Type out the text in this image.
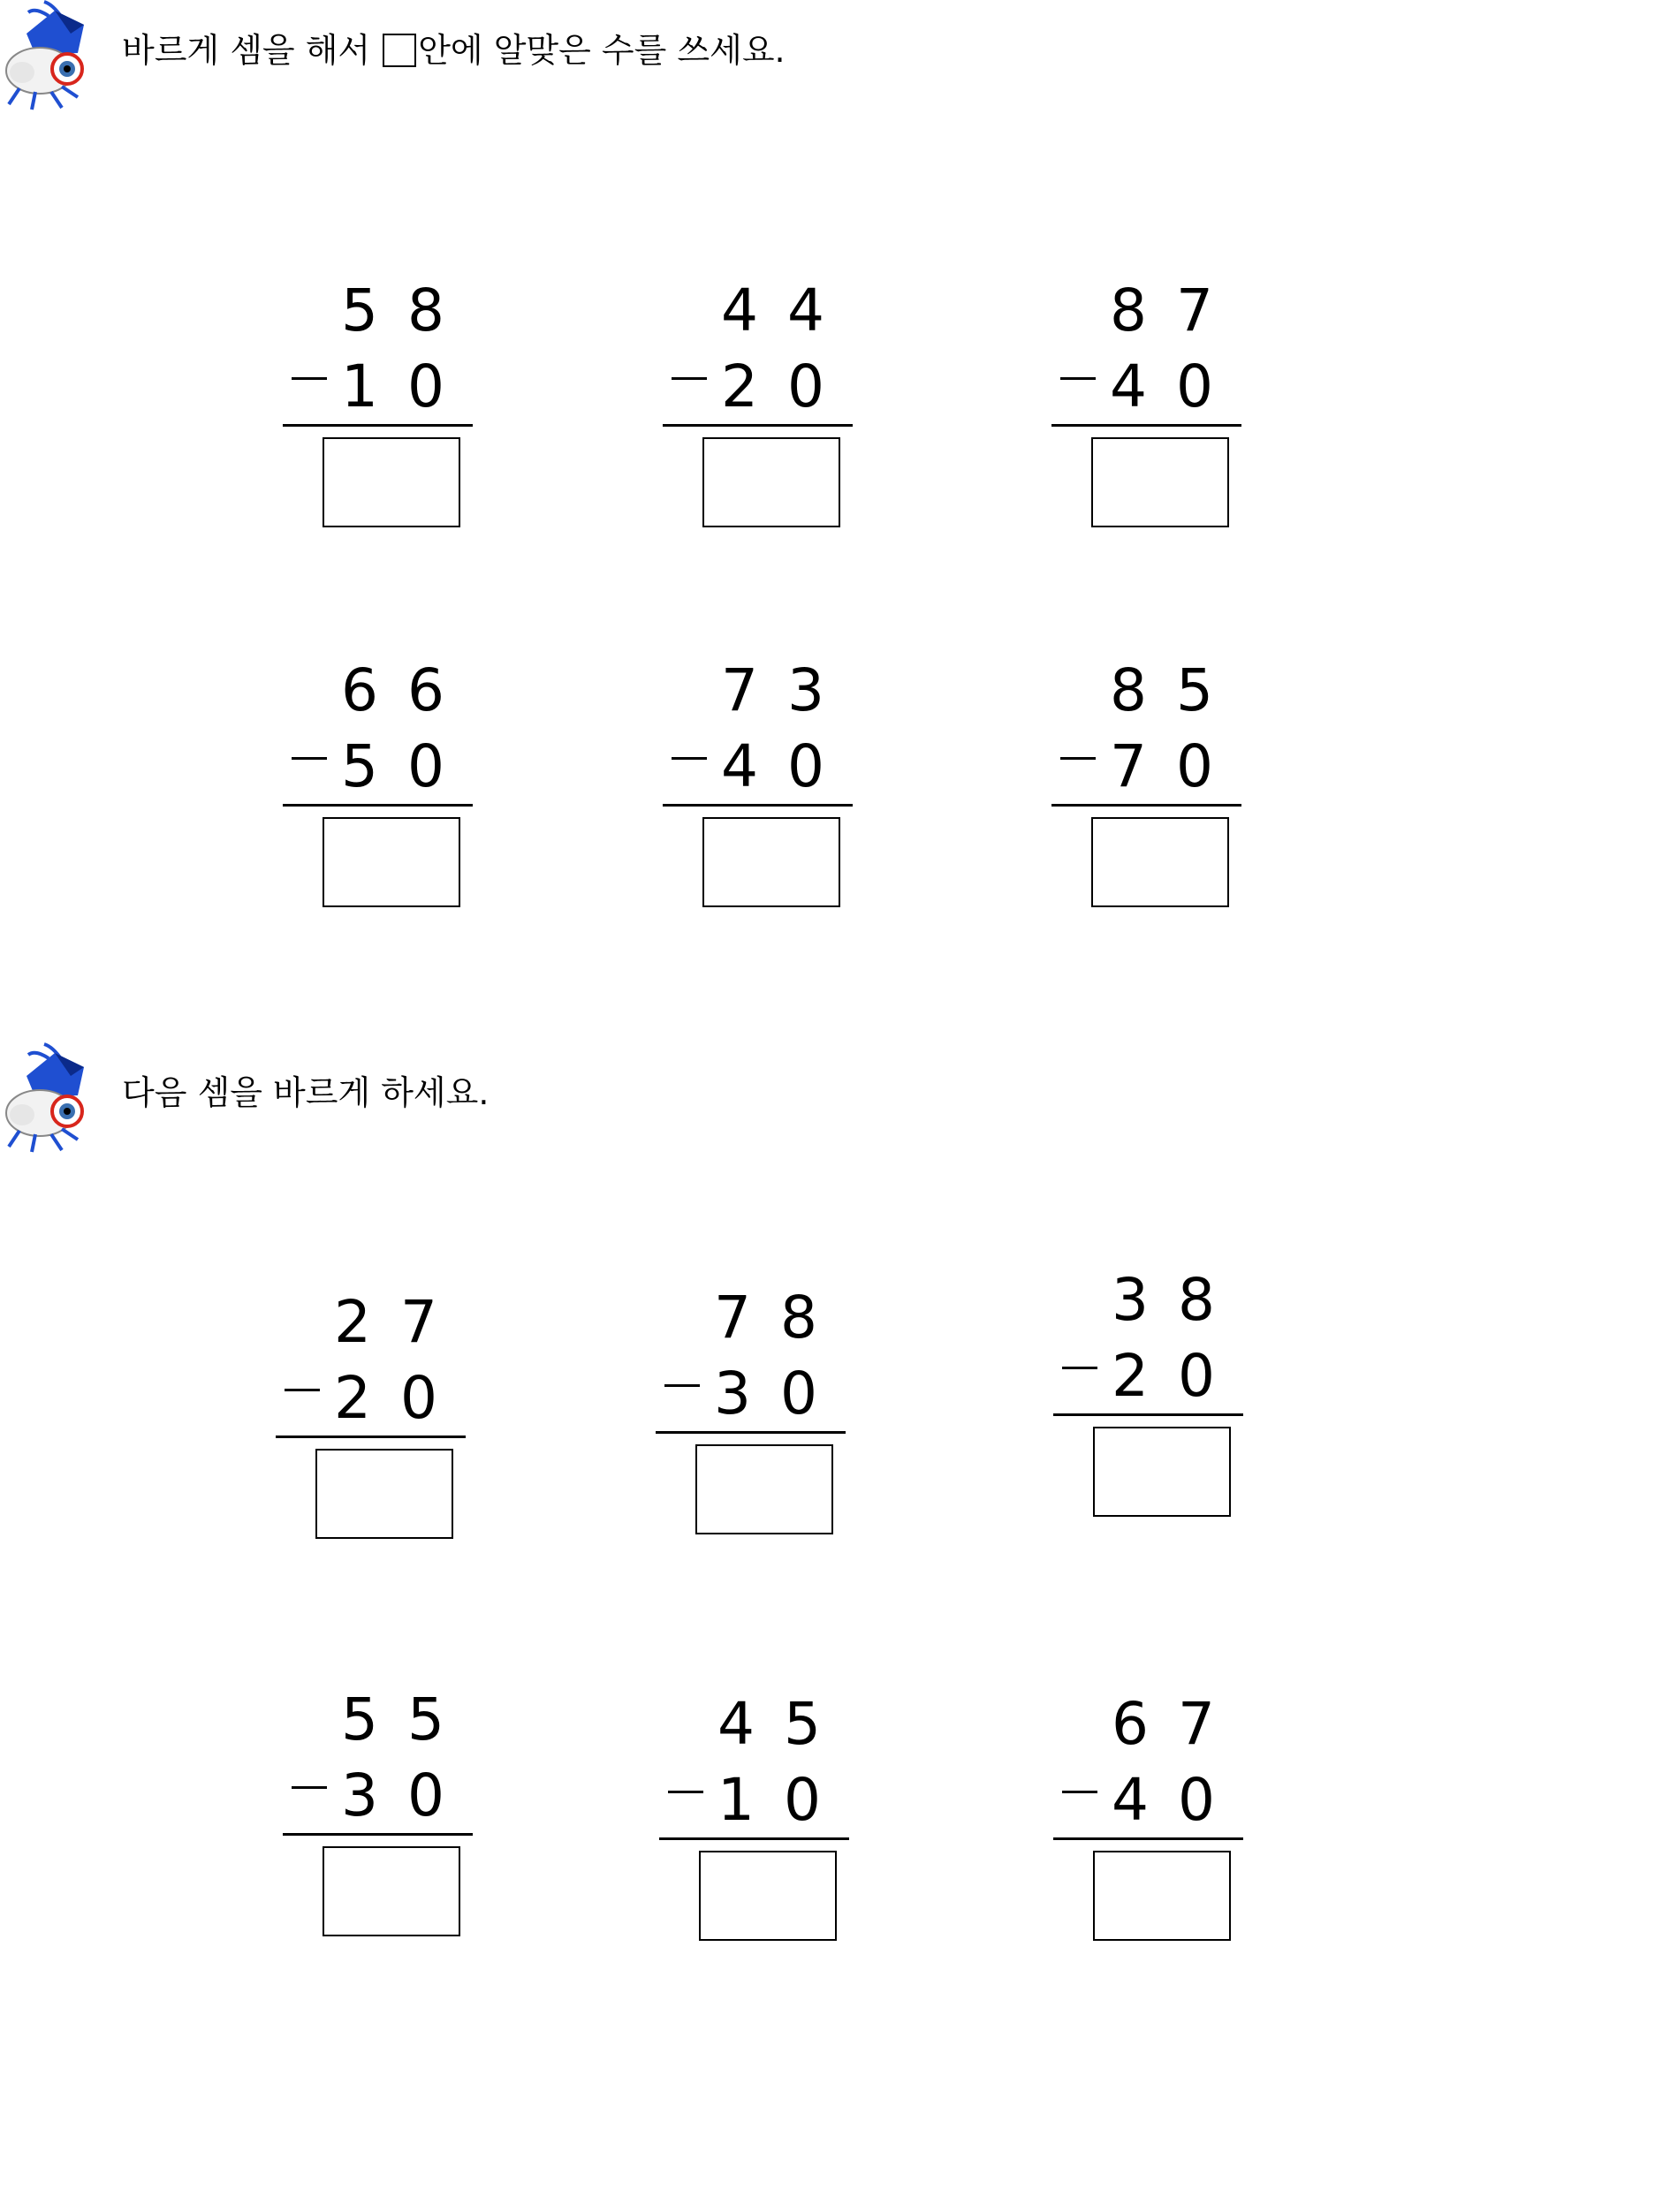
바르게 셈을 해서
안에 알맞은 수를 쓰세요.
다음 셈을 바르게 하세요.
5 8
1 0
4 4
2 0
8 7
4 0
6 6
5 0
7 3
4 0
8 5
7 0
2 7
2 0
7 8
3 0
3 8
2 0
5 5
3 0
4 5
1 0
6 7
4 0
